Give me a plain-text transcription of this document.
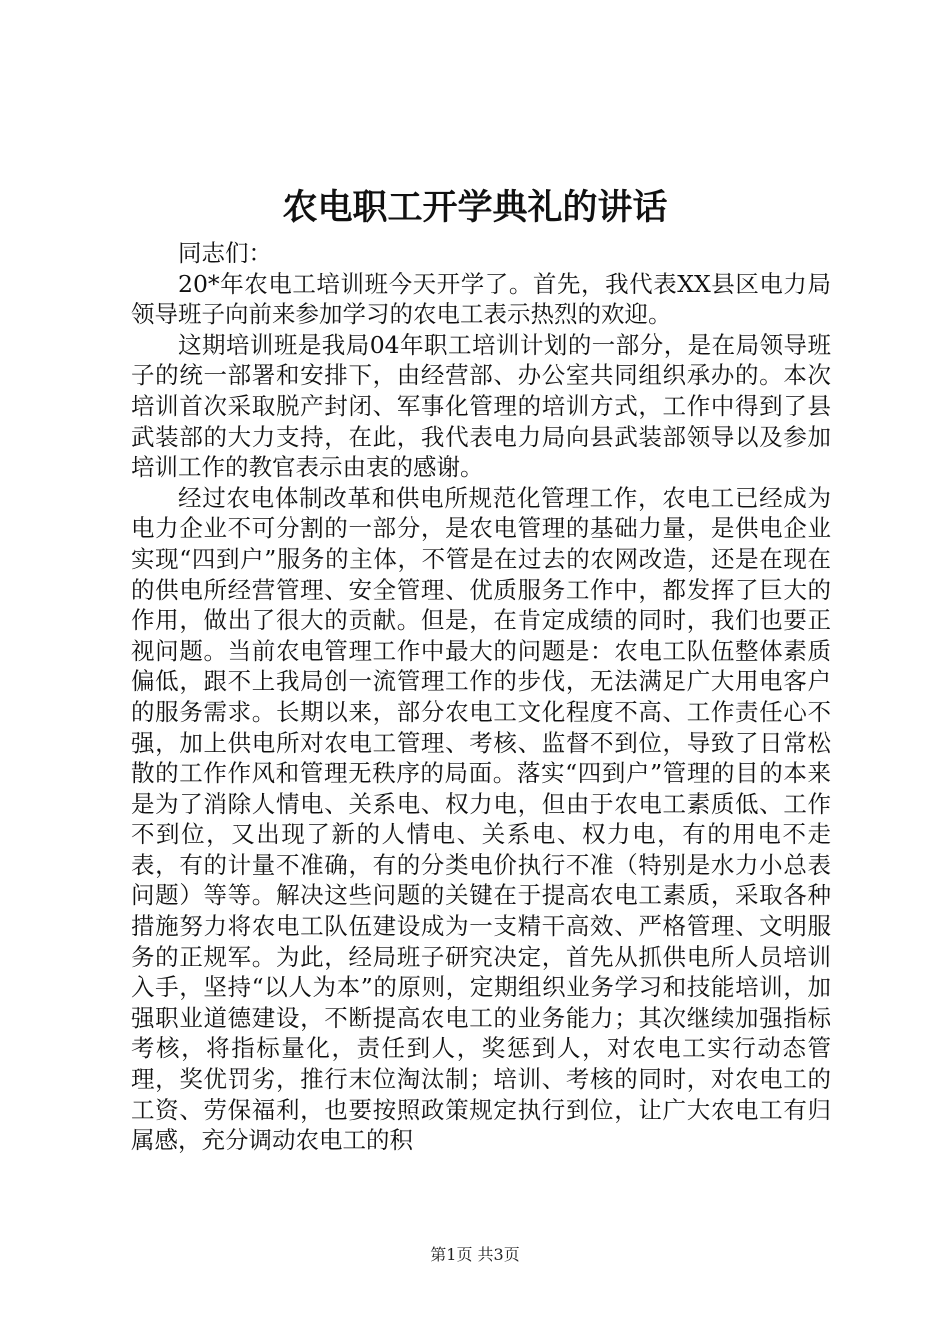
农电职工开学典礼的讲话

同志们：

20*年农电工培训班今天开学了。首先，我代表XX县区电力局领导班子向前来参加学习的农电工表示热烈的欢迎。

这期培训班是我局04年职工培训计划的一部分，是在局领导班子的统一部署和安排下，由经营部、办公室共同组织承办的。本次培训首次采取脱产封闭、军事化管理的培训方式，工作中得到了县武装部的大力支持，在此，我代表电力局向县武装部领导以及参加培训工作的教官表示由衷的感谢。

经过农电体制改革和供电所规范化管理工作，农电工已经成为电力企业不可分割的一部分，是农电管理的基础力量，是供电企业实现“四到户”服务的主体，不管是在过去的农网改造，还是在现在的供电所经营管理、安全管理、优质服务工作中，都发挥了巨大的作用，做出了很大的贡献。但是，在肯定成绩的同时，我们也要正视问题。当前农电管理工作中最大的问题是：农电工队伍整体素质偏低，跟不上我局创一流管理工作的步伐，无法满足广大用电客户的服务需求。长期以来，部分农电工文化程度不高、工作责任心不强，加上供电所对农电工管理、考核、监督不到位，导致了日常松散的工作作风和管理无秩序的局面。落实“四到户”管理的目的本来是为了消除人情电、关系电、权力电，但由于农电工素质低、工作不到位，又出现了新的人情电、关系电、权力电，有的用电不走表，有的计量不准确，有的分类电价执行不准（特别是水力小总表问题）等等。解决这些问题的关键在于提高农电工素质，采取各种措施努力将农电工队伍建设成为一支精干高效、严格管理、文明服务的正规军。为此，经局班子研究决定，首先从抓供电所人员培训入手，坚持“以人为本”的原则，定期组织业务学习和技能培训，加强职业道德建设，不断提高农电工的业务能力；其次继续加强指标考核，将指标量化，责任到人，奖惩到人，对农电工实行动态管理，奖优罚劣，推行末位淘汰制；培训、考核的同时，对农电工的工资、劳保福利，也要按照政策规定执行到位，让广大农电工有归属感，充分调动农电工的积

第1页 共3页
